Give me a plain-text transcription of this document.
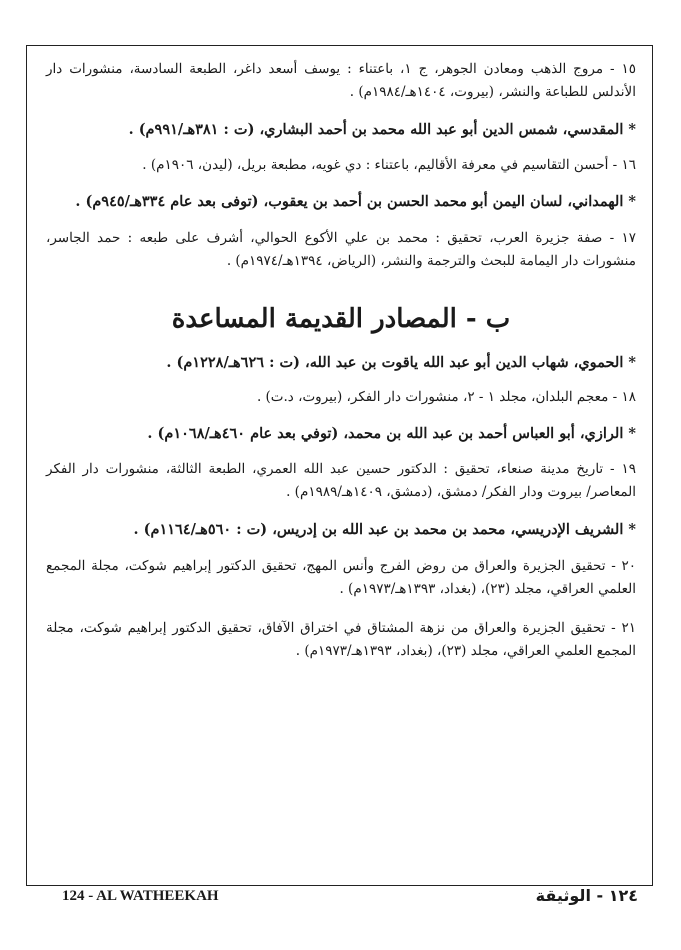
١٥ - مروج الذهب ومعادن الجوهر، ج ١، باعتناء : يوسف أسعد داغر، الطبعة السادسة، منشورات دار الأندلس للطباعة والنشر، (بيروت، ١٤٠٤هـ/١٩٨٤م) .

* المقدسي، شمس الدين أبو عبد الله محمد بن أحمد البشاري، (ت : ٣٨١هـ/٩٩١م) .

١٦ - أحسن التقاسيم في معرفة الأقاليم، باعتناء : دي غويه، مطبعة بريل، (ليدن، ١٩٠٦م) .

* الهمداني، لسان اليمن أبو محمد الحسن بن أحمد بن يعقوب، (توفى بعد عام ٣٣٤هـ/٩٤٥م) .

١٧ - صفة جزيرة العرب، تحقيق : محمد بن علي الأكوع الحوالي، أشرف على طبعه : حمد الجاسر، منشورات دار اليمامة للبحث والترجمة والنشر، (الرياض، ١٣٩٤هـ/١٩٧٤م) .

ب - المصادر القديمة المساعدة

* الحموي، شهاب الدين أبو عبد الله ياقوت بن عبد الله، (ت : ٦٢٦هـ/١٢٢٨م) .

١٨ - معجم البلدان، مجلد ١ - ٢، منشورات دار الفكر، (بيروت، د.ت) .

* الرازي، أبو العباس أحمد بن عبد الله بن محمد، (توفي بعد عام ٤٦٠هـ/١٠٦٨م) .

١٩ - تاريخ مدينة صنعاء، تحقيق : الدكتور حسين عبد الله العمري، الطبعة الثالثة، منشورات دار الفكر المعاصر/ بيروت ودار الفكر/ دمشق، (دمشق، ١٤٠٩هـ/١٩٨٩م) .

* الشريف الإدريسي، محمد بن محمد بن عبد الله بن إدريس، (ت : ٥٦٠هـ/١١٦٤م) .

٢٠ - تحقيق الجزيرة والعراق من روض الفرج وأنس المهج، تحقيق الدكتور إبراهيم شوكت، مجلة المجمع العلمي العراقي، مجلد (٢٣)، (بغداد، ١٣٩٣هـ/١٩٧٣م) .

٢١ - تحقيق الجزيرة والعراق من نزهة المشتاق في اختراق الآفاق، تحقيق الدكتور إبراهيم شوكت، مجلة المجمع العلمي العراقي، مجلد (٢٣)، (بغداد، ١٣٩٣هـ/١٩٧٣م) .

124 - AL WATHEEKAH	١٢٤ - الوثيقة
